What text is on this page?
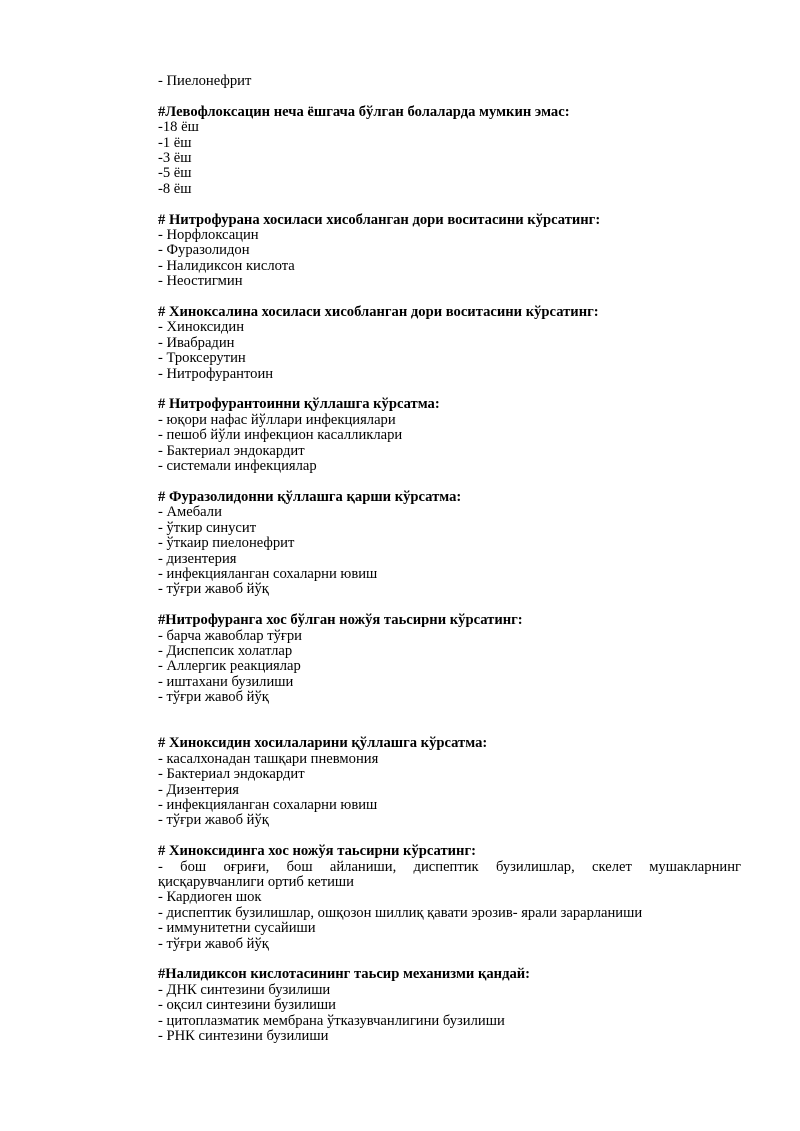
- Пиелонефрит

#Левофлоксацин неча ёшгача бўлган болаларда мумкин эмас:

-18 ёш

-1 ёш

-3 ёш

-5 ёш

-8 ёш

# Нитрофурана хосиласи хисобланган дори воситасини кўрсатинг:

- Норфлоксацин

- Фуразолидон

- Налидиксон кислота

- Неостигмин

# Хиноксалина хосиласи хисобланган дори воситасини кўрсатинг:

- Хиноксидин

- Ивабрадин

- Троксерутин

- Нитрофурантоин

# Нитрофурантоинни қўллашга кўрсатма:

- юқори нафас йўллари инфекциялари

- пешоб йўли инфекцион касалликлари

- Бактериал эндокардит

- системали инфекциялар

# Фуразолидонни қўллашга қарши кўрсатма:

- Амебали

- ўткир синусит

- ўткаир пиелонефрит

- дизентерия

- инфекцияланган сохаларни ювиш

- тўғри жавоб йўқ

#Нитрофуранга хос бўлган ножўя таьсирни кўрсатинг:

- барча жавоблар тўғри

- Диспепсик холатлар

- Аллергик реакциялар

- иштахани бузилиши

- тўғри жавоб йўқ

# Хиноксидин хосилаларини қўллашга кўрсатма:

- касалхонадан ташқари пневмония

- Бактериал эндокардит

- Дизентерия

- инфекцияланган сохаларни ювиш

- тўғри жавоб йўқ

# Хиноксидинга хос ножўя таьсирни кўрсатинг:

- бош оғриғи, бош айланиши, диспептик бузилишлар, скелет мушакларнинг

қисқарувчанлиги ортиб кетиши

- Кардиоген шок

- диспептик бузилишлар, ошқозон шиллиқ қавати эрозив- ярали зарарланиши

- иммунитетни сусайиши

- тўғри жавоб йўқ

#Налидиксон кислотасининг таьсир механизми қандай:

- ДНК синтезини бузилиши

- оқсил синтезини бузилиши

- цитоплазматик мембрана ўтказувчанлигини бузилиши

- РНК синтезини бузилиши
